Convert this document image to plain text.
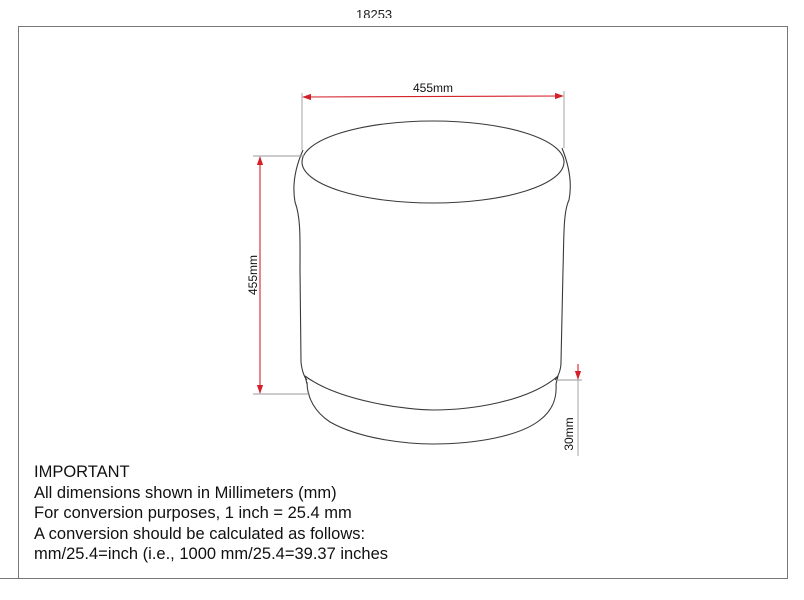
18253
455mm
455mm
30mm
IMPORTANT
All dimensions shown in Millimeters (mm)
For conversion purposes, 1 inch = 25.4 mm
A conversion should be calculated as follows:
mm/25.4=inch (i.e., 1000 mm/25.4=39.37 inches
